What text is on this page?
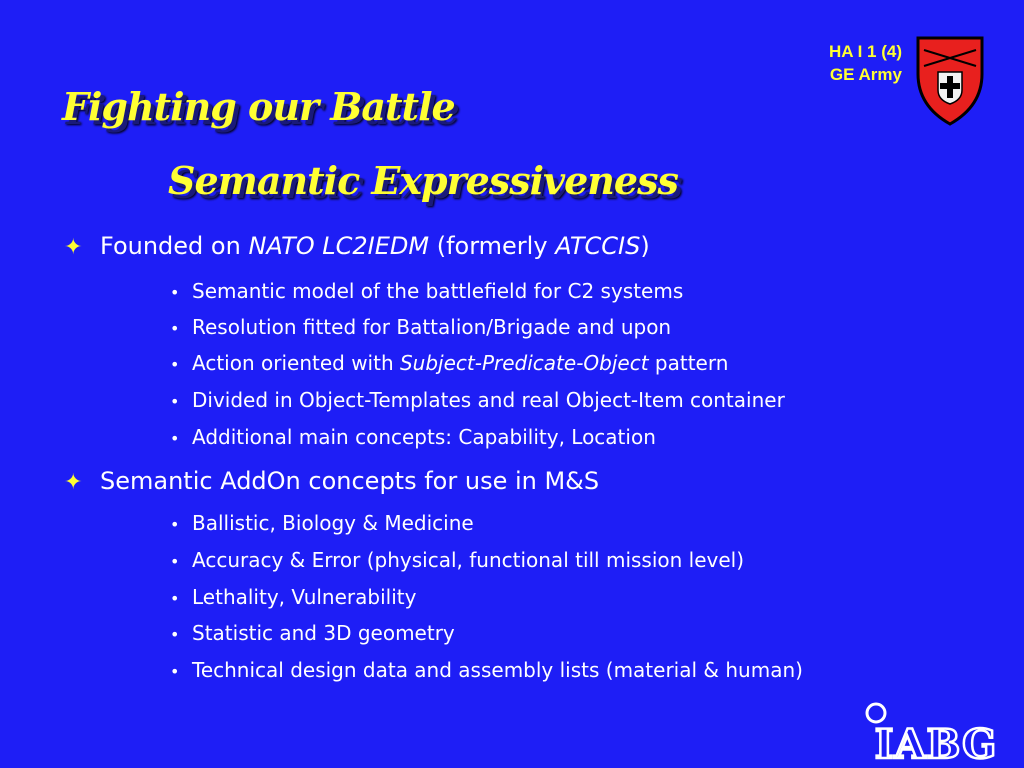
HA I 1 (4)
GE Army
Fighting our Battle
Semantic Expressiveness
✦ Founded on NATO LC2IEDM (formerly ATCCIS)
• Semantic model of the battlefield for C2 systems
• Resolution fitted for Battalion/Brigade and upon
• Action oriented with Subject-Predicate-Object pattern
• Divided in Object-Templates and real Object-Item container
• Additional main concepts: Capability, Location
✦ Semantic AddOn concepts for use in M&S
• Ballistic, Biology & Medicine
• Accuracy & Error (physical, functional till mission level)
• Lethality, Vulnerability
• Statistic and 3D geometry
• Technical design data and assembly lists (material & human)
IABG
